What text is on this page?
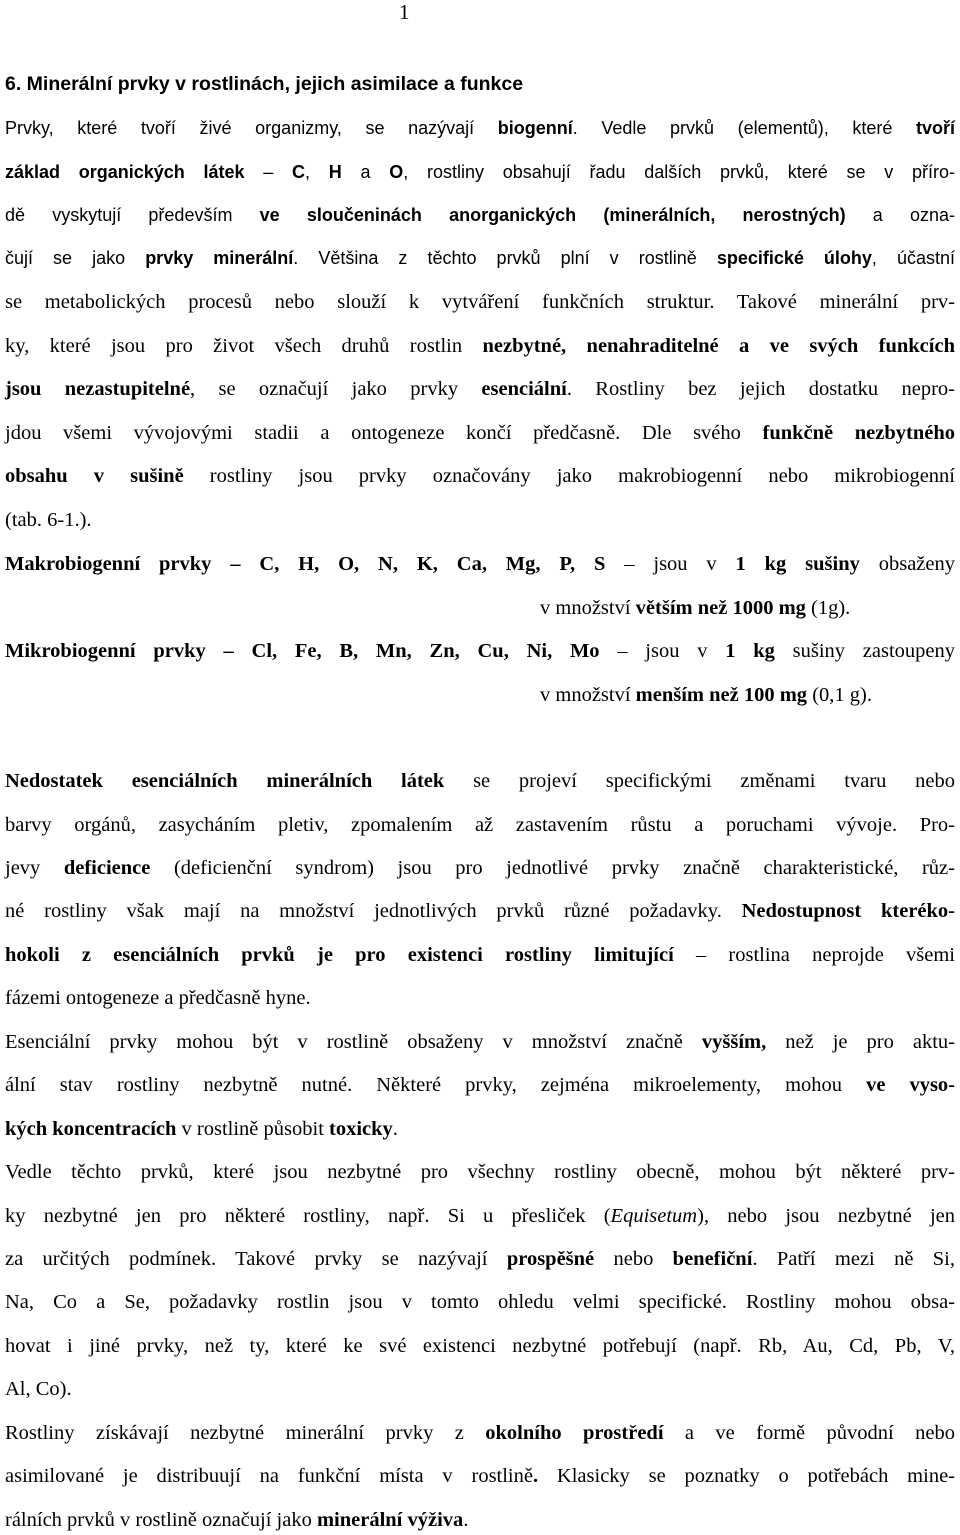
1
6. Minerální prvky v rostlinách, jejich asimilace a funkce
Prvky, které tvoří živé organizmy, se nazývají biogenní. Vedle prvků (elementů), které tvoří
základ organických látek – C, H a O, rostliny obsahují řadu dalších prvků, které se v příro-
dě vyskytují především ve sloučeninách anorganických (minerálních, nerostných) a ozna-
čují se jako prvky minerální. Většina z těchto prvků plní v rostlině specifické úlohy, účastní
se metabolických procesů nebo slouží k vytváření funkčních struktur. Takové minerální prv-
ky, které jsou pro život všech druhů rostlin nezbytné, nenahraditelné a ve svých funkcích
jsou nezastupitelné, se označují jako prvky esenciální. Rostliny bez jejich dostatku nepro-
jdou všemi vývojovými stadii a ontogeneze končí předčasně. Dle svého funkčně nezbytného
obsahu v sušině rostliny jsou prvky označovány jako makrobiogenní nebo mikrobiogenní
(tab. 6-1.).
Makrobiogenní prvky – C, H, O, N, K, Ca, Mg, P, S – jsou v 1 kg sušiny obsaženy
v množství větším než 1000 mg (1g).
Mikrobiogenní prvky – Cl, Fe, B, Mn, Zn, Cu, Ni, Mo – jsou v 1 kg sušiny zastoupeny
v množství menším než 100 mg (0,1 g).
Nedostatek esenciálních minerálních látek se projeví specifickými změnami tvaru nebo
barvy orgánů, zasycháním pletiv, zpomalením až zastavením růstu a poruchami vývoje. Pro-
jevy deficience (deficienční syndrom) jsou pro jednotlivé prvky značně charakteristické, růz-
né rostliny však mají na množství jednotlivých prvků různé požadavky. Nedostupnost kteréko-
hokoli z esenciálních prvků je pro existenci rostliny limitující – rostlina neprojde všemi
fázemi ontogeneze a předčasně hyne.
Esenciální prvky mohou být v rostlině obsaženy v množství značně vyšším, než je pro aktu-
ální stav rostliny nezbytně nutné. Některé prvky, zejména mikroelementy, mohou ve vyso-
kých koncentracích v rostlině působit toxicky.
Vedle těchto prvků, které jsou nezbytné pro všechny rostliny obecně, mohou být některé prv-
ky nezbytné jen pro některé rostliny, např. Si u přesliček (Equisetum), nebo jsou nezbytné jen
za určitých podmínek. Takové prvky se nazývají prospěšné nebo benefiční. Patří mezi ně Si,
Na, Co a Se, požadavky rostlin jsou v tomto ohledu velmi specifické. Rostliny mohou obsa-
hovat i jiné prvky, než ty, které ke své existenci nezbytné potřebují (např. Rb, Au, Cd, Pb, V,
Al, Co).
Rostliny získávají nezbytné minerální prvky z okolního prostředí a ve formě původní nebo
asimilované je distribuují na funkční místa v rostlině. Klasicky se poznatky o potřebách mine-
rálních prvků v rostlině označují jako minerální výživa.
